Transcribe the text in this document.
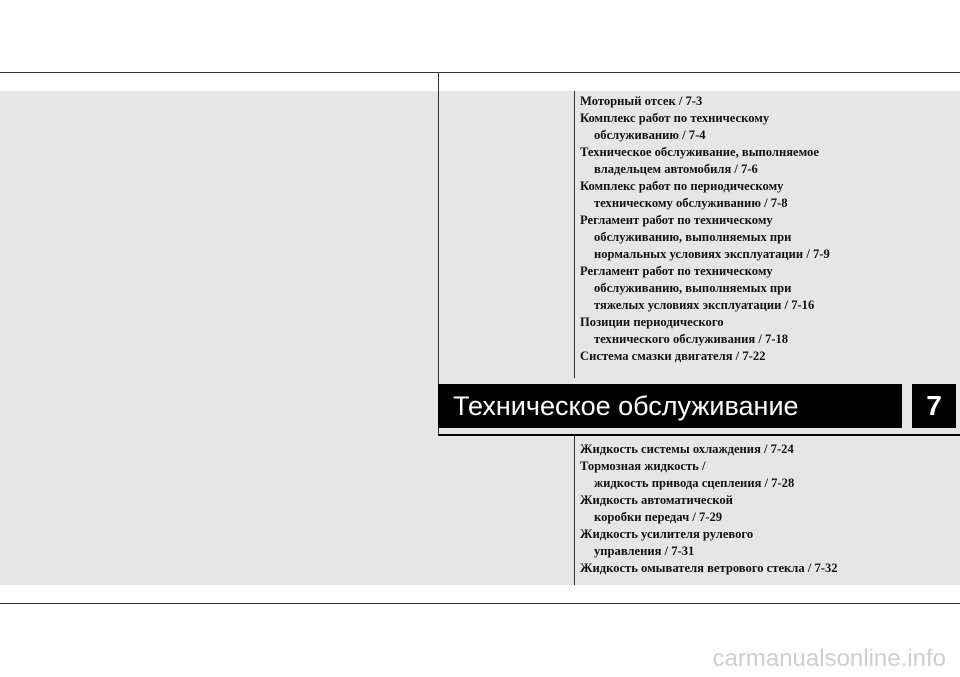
Моторный отсек / 7-3
Комплекс работ по техническому
обслуживанию / 7-4
Техническое обслуживание, выполняемое
владельцем автомобиля / 7-6
Комплекс работ по периодическому
техническому обслуживанию / 7-8
Регламент работ по техническому
обслуживанию, выполняемых при
нормальных условиях эксплуатации / 7-9
Регламент работ по техническому
обслуживанию, выполняемых при
тяжелых условиях эксплуатации / 7-16
Позиции периодического
технического обслуживания / 7-18
Система смазки двигателя / 7-22
Техническое обслуживание	7
Жидкость системы охлаждения / 7-24
Тормозная жидкость /
жидкость привода сцепления / 7-28
Жидкость автоматической
коробки передач / 7-29
Жидкость усилителя рулевого
управления / 7-31
Жидкость омывателя ветрового стекла / 7-32
carmanualsonline.info
